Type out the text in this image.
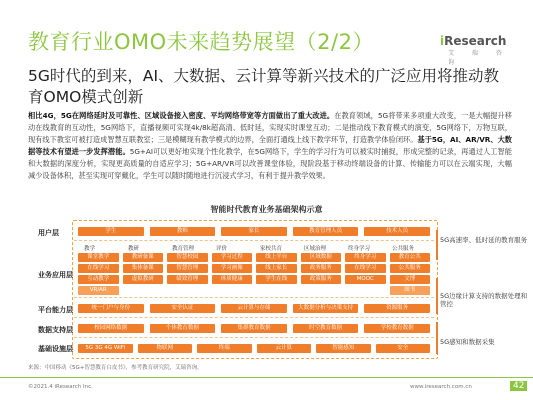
教育行业OMO未来趋势展望（2/2）	iResearch
艾 瑞 咨 询
5G时代的到来，AI、大数据、云计算等新兴技术的广泛应用将推动教育OMO模式创新
相比4G，5G在网络延时及可靠性、区域设备接入密度、平均网络带宽等方面做出了重大改进。在教育领域，5G将带来多项重大改变，一是大幅提升移动在线教育的互动性，5G网络下，直播视频可实现4k/8k超高清、低时延，实现实时课堂互动；二是推动线下教育模式的演变，5G网络下，万物互联，现有线下教室可被打造成智慧互联教室；三是模糊现有教学模式的边界，全面打通线上线下教学环节，打造教学体验闭环。基于5G，AI、AR/VR、大数据等技术有望进一步发挥潜能。5G+AI可以更好地实现个性化教学，在5G网络下，学生的学习行为可以被实时捕捉，形成完整的记录，再通过人工智能和大数据的深度分析，实现更高质量的自适应学习；5G+AR/VR可以改善课堂体验，现阶段基于移动终端设备的计算、传输能力可以在云端实现，大幅减少设备体积，甚至实现可穿戴化，学生可以随时随地进行沉浸式学习，有利于提升教学效果。
智能时代教育业务基础架构示意
用户层
业务应用层
平台能力层
数据支持层
基础设施层
学生	教师	家长	教育管理人员	技术人员
教学	教研	教育管理	评价	家校共育	区域治理	终身学习	公共服务
课堂教学	教研备课	智慧校园	学习过程	线上平台	区域数据	终身学习	教育公共
在线学习	集体备课	智慧管理	学习画像	线上家长	政务服务	在线学习	公共服务
互动教学	虚拟教研	绩效管理	体质健康	学生在线	政策服务	MOOC	文博
VR/AR	图书
统一门户与身份	安全认证	云计算与存储	大数据分析与决策支持	资源服务
校园网络数据	个体教育数据	集群教育数据	时空教育数据	学校教育数据
5G 3G 4G WiFi	物联网	终端	云计算	智能感知	安全
5G高速率、低时延的教育服务
5G边缘计算支持的数据处理和管控
5G感知和数据采集
来源：中国移动《5G+智慧教育白皮书》，参考教育研究院，艾瑞咨询。
©2021.4 iResearch Inc.	www.iresearch.com.cn	42
